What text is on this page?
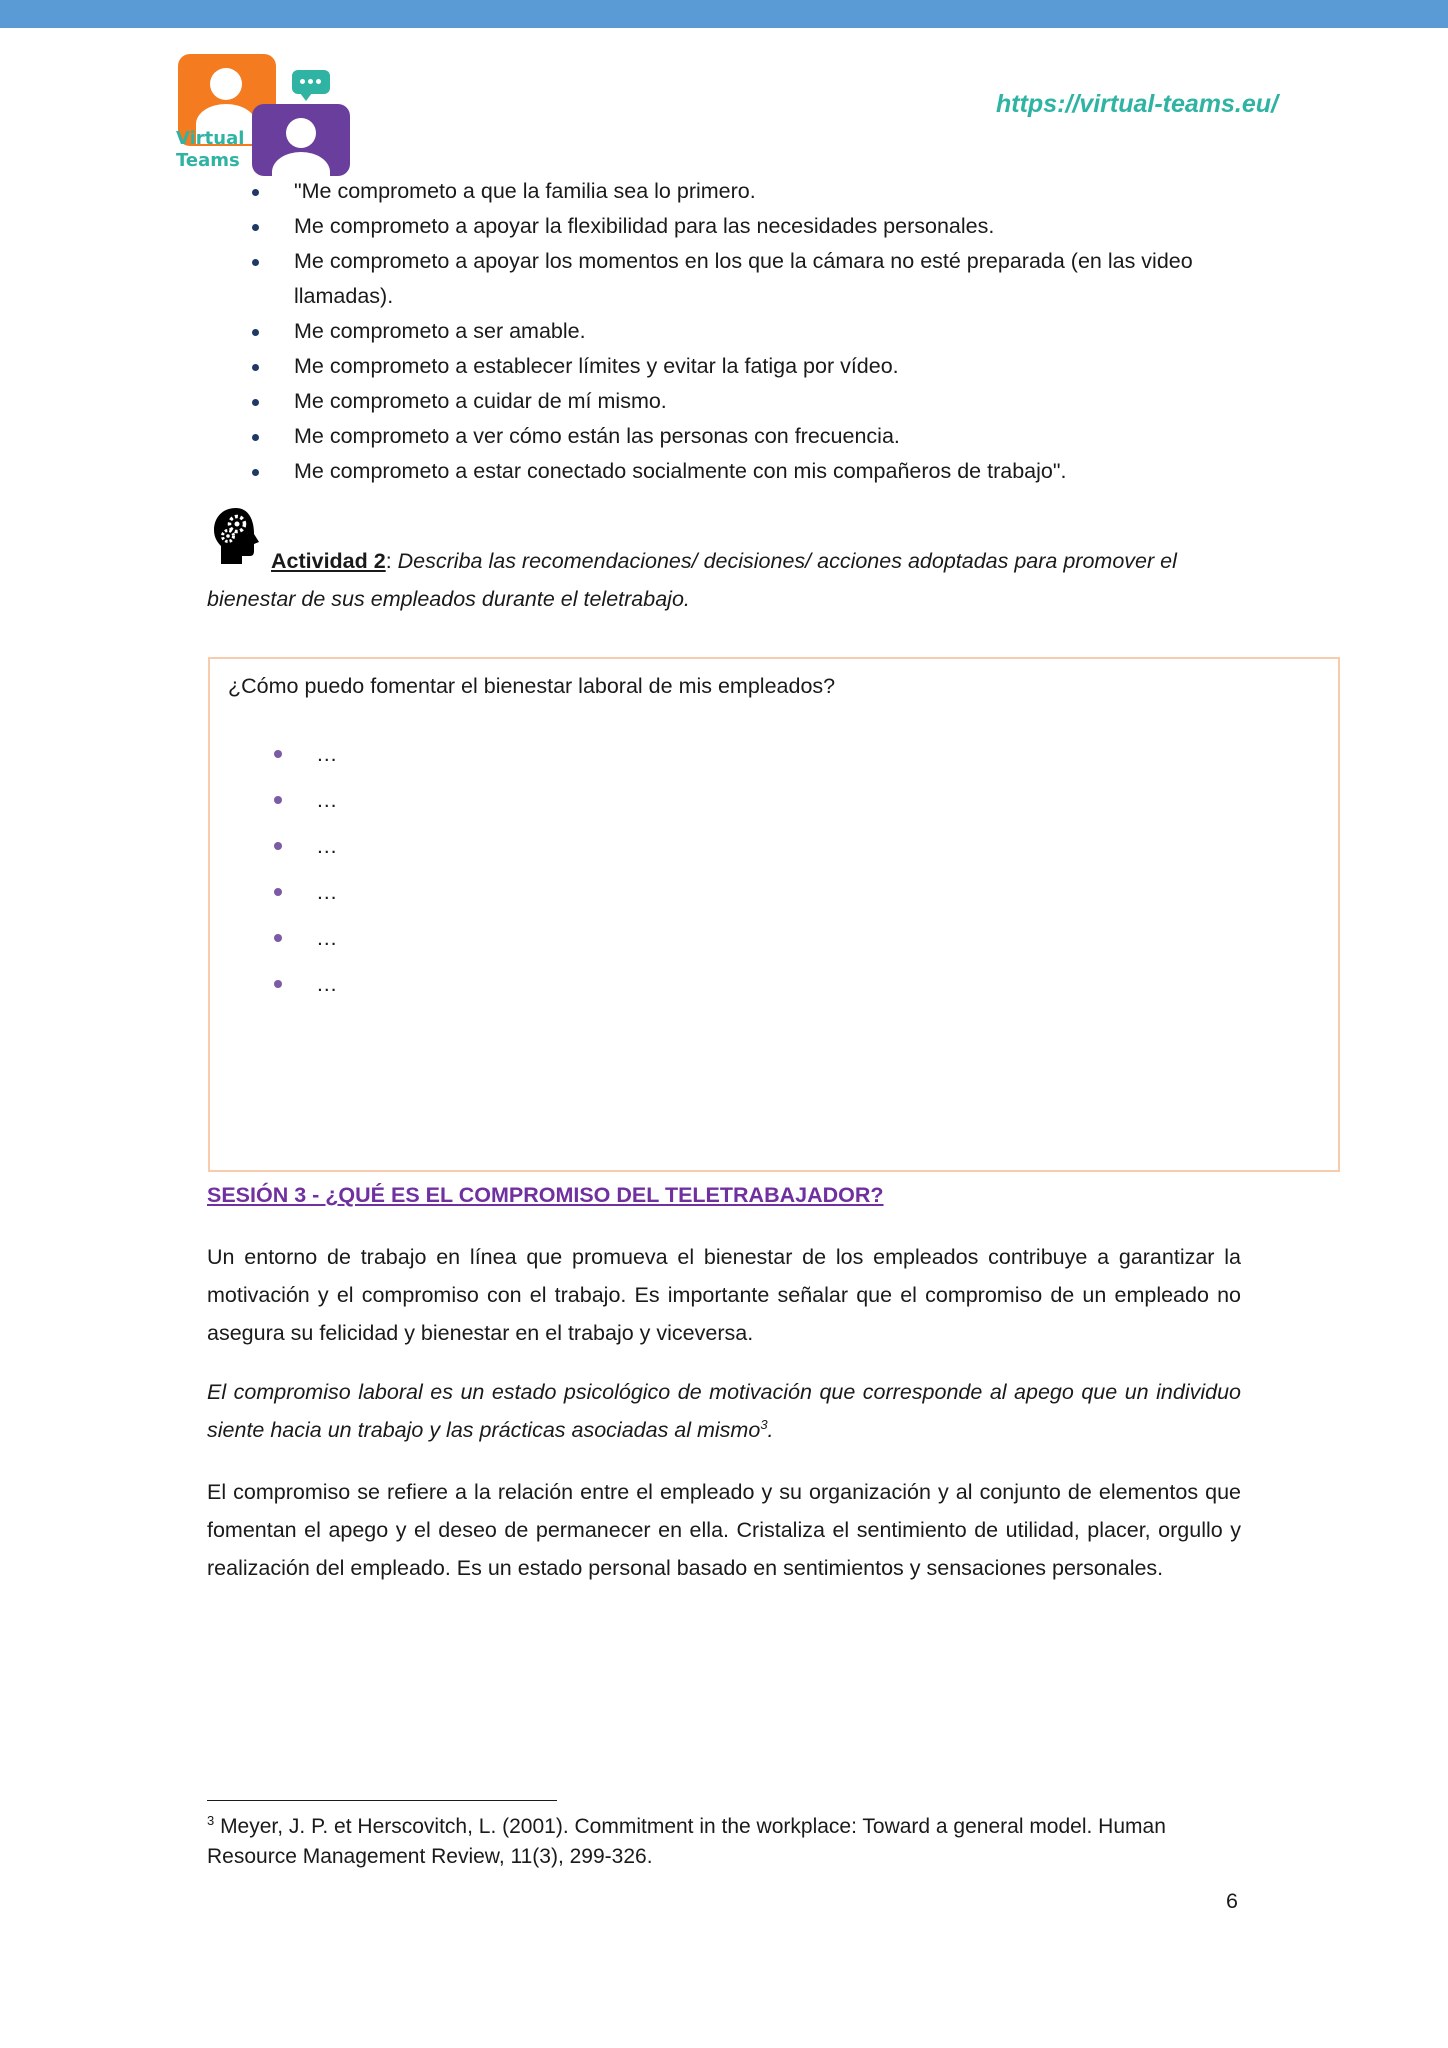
Virtual
Teams
https://virtual-teams.eu/
"Me comprometo a que la familia sea lo primero.
Me comprometo a apoyar la flexibilidad para las necesidades personales.
Me comprometo a apoyar los momentos en los que la cámara no esté preparada (en las video llamadas).
Me comprometo a ser amable.
Me comprometo a establecer límites y evitar la fatiga por vídeo.
Me comprometo a cuidar de mí mismo.
Me comprometo a ver cómo están las personas con frecuencia.
Me comprometo a estar conectado socialmente con mis compañeros de trabajo".
Actividad 2: Describa las recomendaciones/ decisiones/ acciones adoptadas para promover el bienestar de sus empleados durante el teletrabajo.
¿Cómo puedo fomentar el bienestar laboral de mis empleados?
…
…
…
…
…
…
SESIÓN 3 - ¿QUÉ ES EL COMPROMISO DEL TELETRABAJADOR?
Un entorno de trabajo en línea que promueva el bienestar de los empleados contribuye a garantizar la motivación y el compromiso con el trabajo. Es importante señalar que el compromiso de un empleado no asegura su felicidad y bienestar en el trabajo y viceversa.
El compromiso laboral es un estado psicológico de motivación que corresponde al apego que un individuo siente hacia un trabajo y las prácticas asociadas al mismo$^3$.
El compromiso se refiere a la relación entre el empleado y su organización y al conjunto de elementos que fomentan el apego y el deseo de permanecer en ella. Cristaliza el sentimiento de utilidad, placer, orgullo y realización del empleado. Es un estado personal basado en sentimientos y sensaciones personales.
$^3$ Meyer, J. P. et Herscovitch, L. (2001). Commitment in the workplace: Toward a general model. Human Resource Management Review, 11(3), 299-326.
6
